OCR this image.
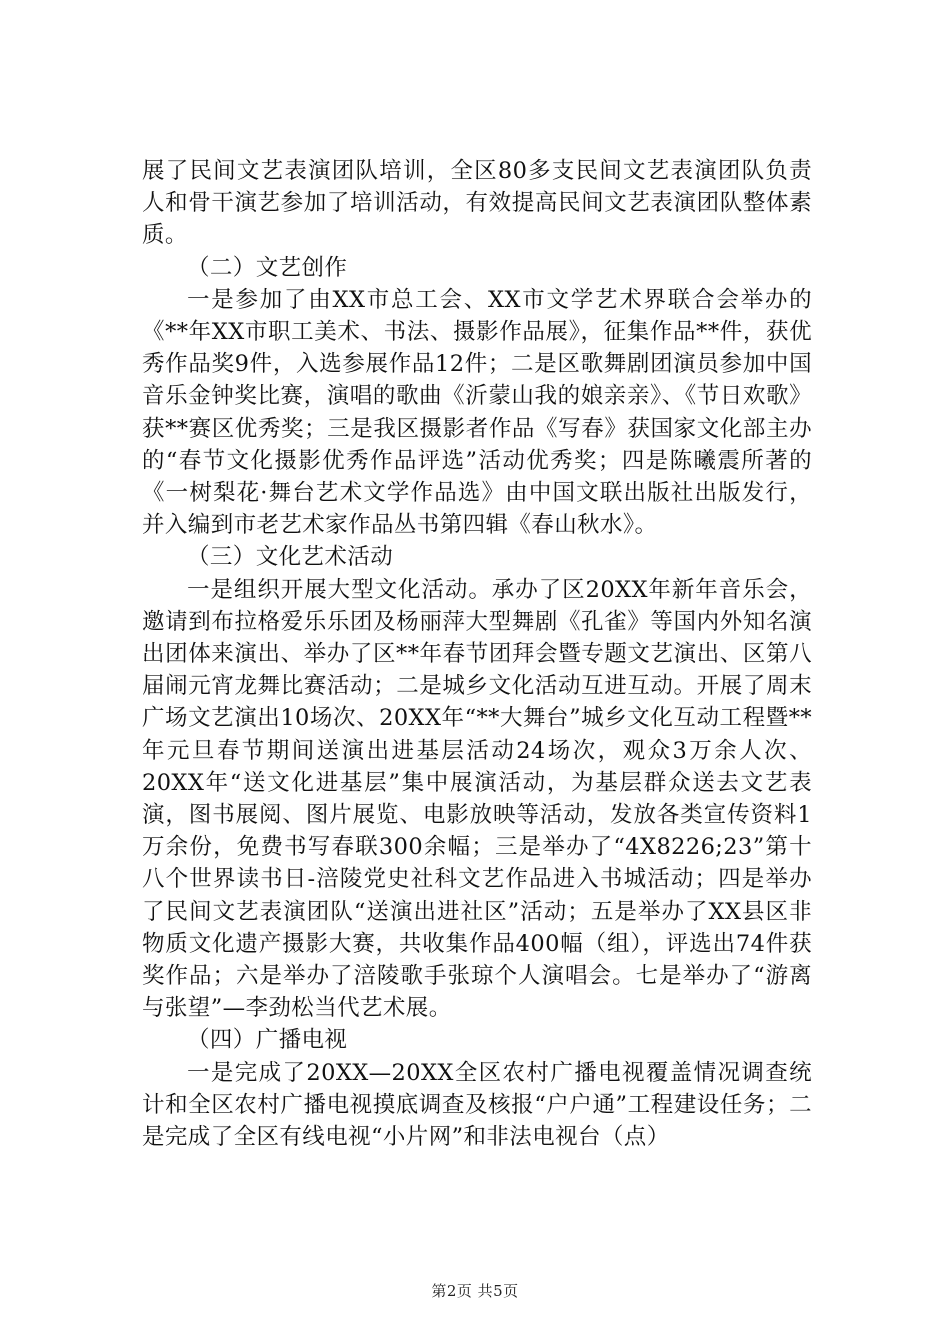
展了民间文艺表演团队培训，全区80多支民间文艺表演团队负责人和骨干演艺参加了培训活动，有效提高民间文艺表演团队整体素质。

（二）文艺创作

一是参加了由XX市总工会、XX市文学艺术界联合会举办的《**年XX市职工美术、书法、摄影作品展》，征集作品**件，获优秀作品奖9件，入选参展作品12件；二是区歌舞剧团演员参加中国音乐金钟奖比赛，演唱的歌曲《沂蒙山我的娘亲亲》、《节日欢歌》获**赛区优秀奖；三是我区摄影者作品《写春》获国家文化部主办的“春节文化摄影优秀作品评选”活动优秀奖；四是陈曦震所著的《一树梨花·舞台艺术文学作品选》由中国文联出版社出版发行，并入编到市老艺术家作品丛书第四辑《春山秋水》。

（三）文化艺术活动

一是组织开展大型文化活动。承办了区20XX年新年音乐会，邀请到布拉格爱乐乐团及杨丽萍大型舞剧《孔雀》等国内外知名演出团体来演出、举办了区**年春节团拜会暨专题文艺演出、区第八届闹元宵龙舞比赛活动；二是城乡文化活动互进互动。开展了周末广场文艺演出10场次、20XX年“**大舞台”城乡文化互动工程暨**年元旦春节期间送演出进基层活动24场次，观众3万余人次、20XX年“送文化进基层”集中展演活动，为基层群众送去文艺表演，图书展阅、图片展览、电影放映等活动，发放各类宣传资料1万余份，免费书写春联300余幅；三是举办了“4X8226;23”第十八个世界读书日-涪陵党史社科文艺作品进入书城活动；四是举办了民间文艺表演团队“送演出进社区”活动；五是举办了XX县区非物质文化遗产摄影大赛，共收集作品400幅（组），评选出74件获奖作品；六是举办了涪陵歌手张琼个人演唱会。七是举办了“游离与张望”—李劲松当代艺术展。

（四）广播电视

一是完成了20XX—20XX全区农村广播电视覆盖情况调查统计和全区农村广播电视摸底调查及核报“户户通”工程建设任务；二是完成了全区有线电视“小片网”和非法电视台（点）

第2页 共5页
